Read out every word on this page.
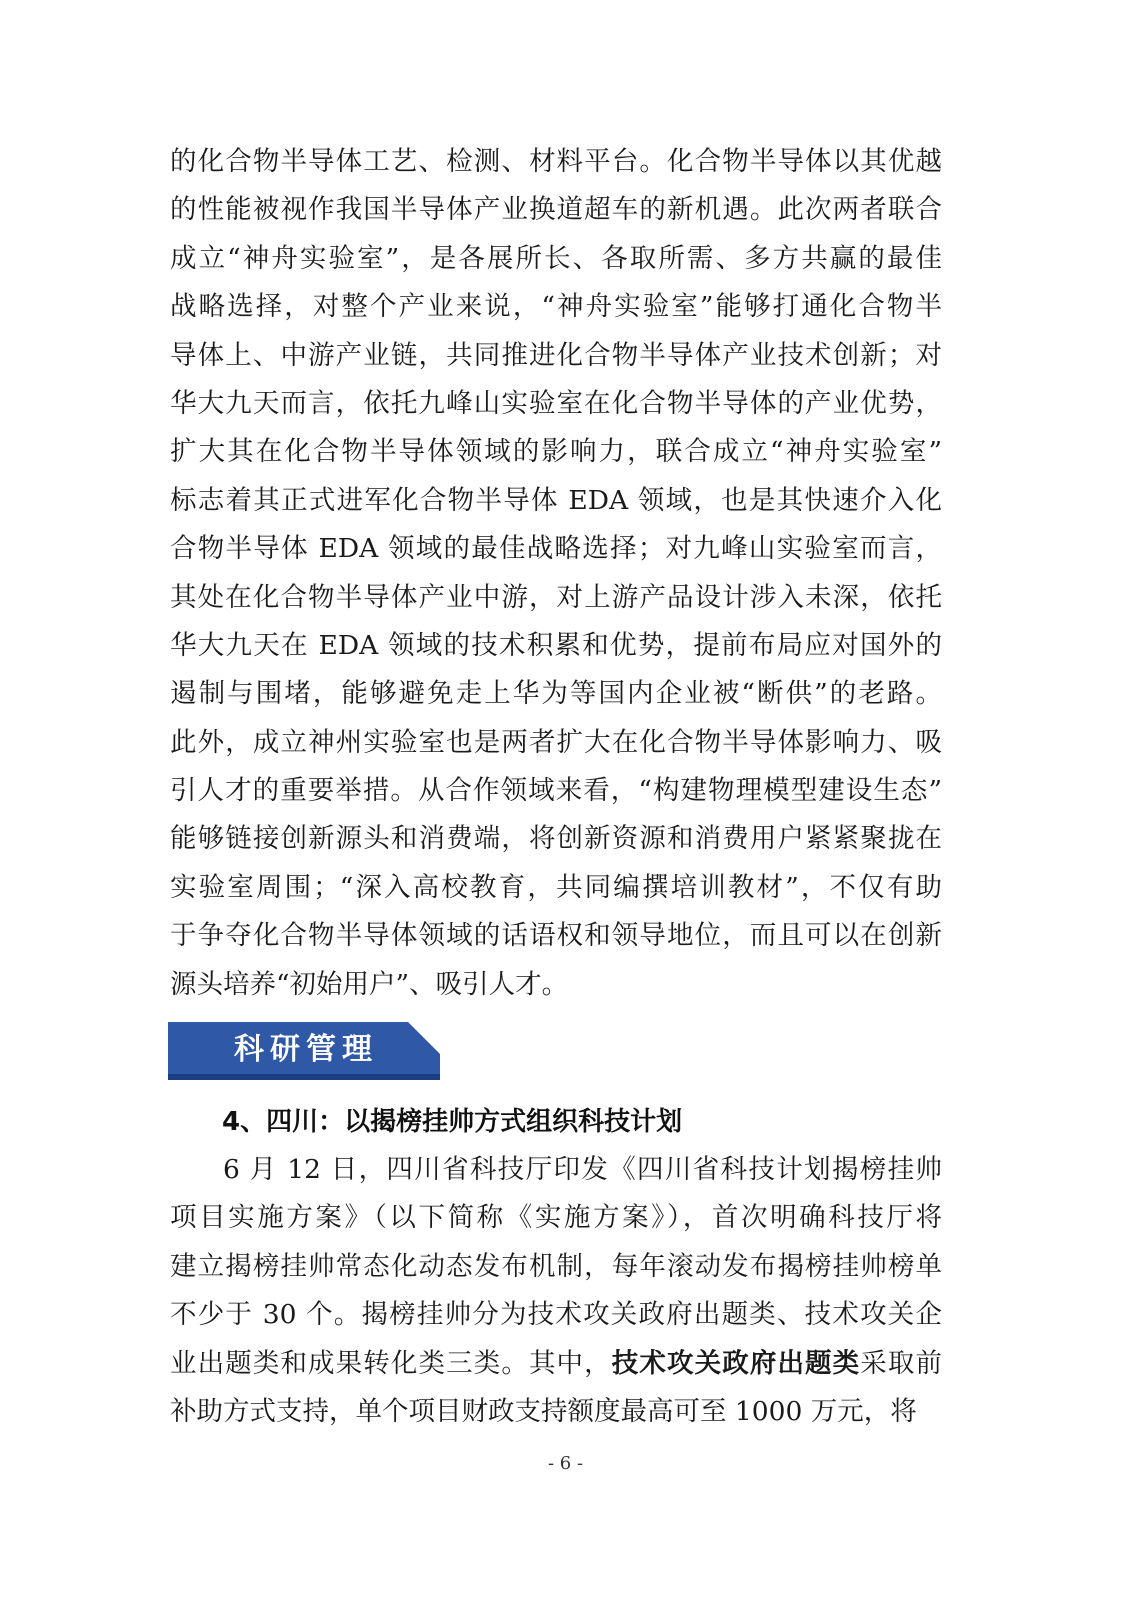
的化合物半导体工艺、检测、材料平台。化合物半导体以其优越
的性能被视作我国半导体产业换道超车的新机遇。此次两者联合
成立“神舟实验室”，是各展所长、各取所需、多方共赢的最佳
战略选择，对整个产业来说，“神舟实验室”能够打通化合物半
导体上、中游产业链，共同推进化合物半导体产业技术创新；对
华大九天而言，依托九峰山实验室在化合物半导体的产业优势，
扩大其在化合物半导体领域的影响力，联合成立“神舟实验室”
标志着其正式进军化合物半导体 EDA 领域，也是其快速介入化
合物半导体 EDA 领域的最佳战略选择；对九峰山实验室而言，
其处在化合物半导体产业中游，对上游产品设计涉入未深，依托
华大九天在 EDA 领域的技术积累和优势，提前布局应对国外的
遏制与围堵，能够避免走上华为等国内企业被“断供”的老路。
此外，成立神州实验室也是两者扩大在化合物半导体影响力、吸
引人才的重要举措。从合作领域来看，“构建物理模型建设生态”
能够链接创新源头和消费端，将创新资源和消费用户紧紧聚拢在
实验室周围；“深入高校教育，共同编撰培训教材”，不仅有助
于争夺化合物半导体领域的话语权和领导地位，而且可以在创新
源头培养“初始用户”、吸引人才。
科研管理
4、四川：以揭榜挂帅方式组织科技计划
6 月 12 日，四川省科技厅印发《四川省科技计划揭榜挂帅
项目实施方案》（以下简称《实施方案》），首次明确科技厅将
建立揭榜挂帅常态化动态发布机制，每年滚动发布揭榜挂帅榜单
不少于 30 个。揭榜挂帅分为技术攻关政府出题类、技术攻关企
业出题类和成果转化类三类。其中，技术攻关政府出题类采取前
补助方式支持，单个项目财政支持额度最高可至 1000 万元，将
- 6 -
